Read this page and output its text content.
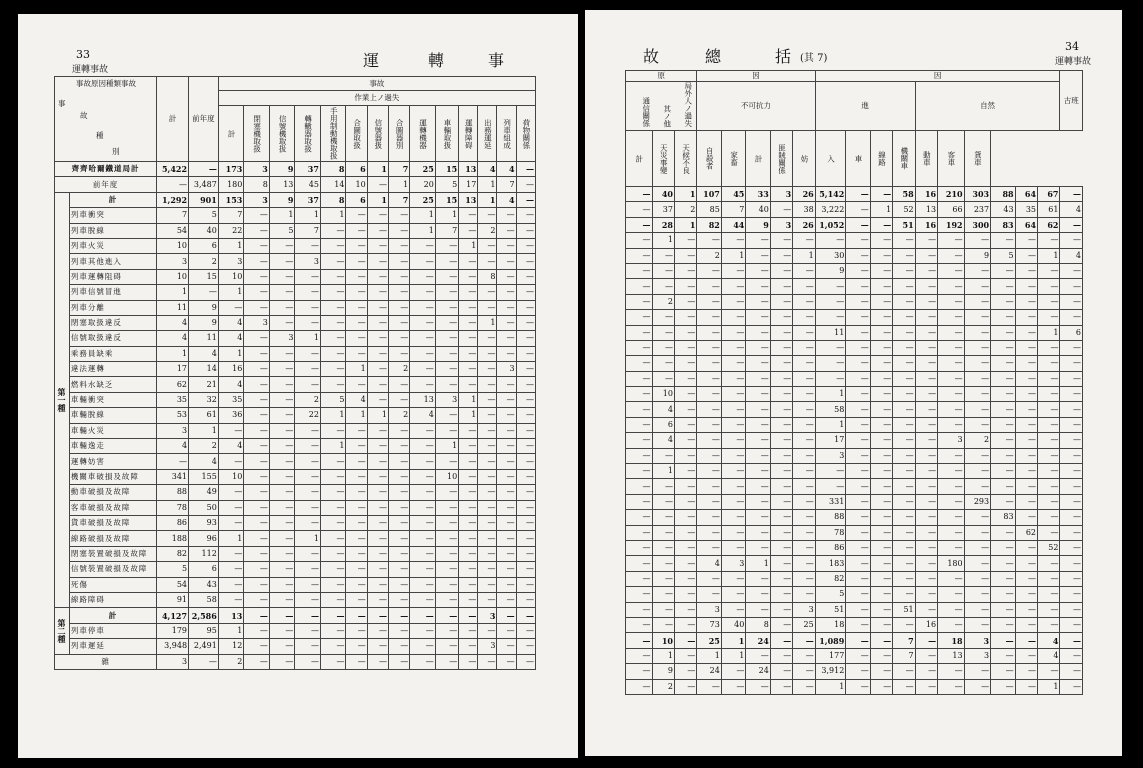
33
運轉事故	運	轉	事
事故原因種類事故
事
故
種
別		計	前年度	事故													
				作業上ノ過失													
				計	閉塞機取扱	信號機取扱	轉轍器取扱	手用制動機取扱	合圖取扱	信號器扱	合圖器別	運轉機器	車輛取扱	運轉障碍	出務運延	列車組成	荷物關係
齊齊哈爾鐵道局計		5,422	—	173	3	9	37	8	6	1	7	25	15	13	4	4	—
前年度		—	3,487	180	8	13	45	14	10	—	1	20	5	17	1	7	—
第一種	計	1,292	901	153	3	9	37	8	6	1	7	25	15	13	1	4	—
	列車衝突	7	5	7	—	1	1	1	—	—	—	1	1	—	—	—	—
	列車脫線	54	40	22	—	5	7	—	—	—	—	1	7	—	2	—	—
	列車火災	10	6	1	—	—	—	—	—	—	—	—	—	1	—	—	—
	列車其他進入	3	2	3	—	—	3	—	—	—	—	—	—	—	—	—	—
	列車運轉阻碍	10	15	10	—	—	—	—	—	—	—	—	—	—	8	—	—
	列車信號冒進	1	—	1	—	—	—	—	—	—	—	—	—	—	—	—	—
	列車分離	11	9	—	—	—	—	—	—	—	—	—	—	—	—	—	—
	閉塞取扱違反	4	9	4	3	—	—	—	—	—	—	—	—	—	1	—	—
	信號取扱違反	4	11	4	—	3	1	—	—	—	—	—	—	—	—	—	—
	乘務員缺乘	1	4	1	—	—	—	—	—	—	—	—	—	—	—	—	—
	違法運轉	17	14	16	—	—	—	—	1	—	2	—	—	—	—	3	—
	燃料水缺乏	62	21	4	—	—	—	—	—	—	—	—	—	—	—	—	—
	車輛衝突	35	32	35	—	—	2	5	4	—	—	13	3	1	—	—	—
	車輛脫線	53	61	36	—	—	22	1	1	1	2	4	—	1	—	—	—
	車輛火災	3	1	—	—	—	—	—	—	—	—	—	—	—	—	—	—
	車輛逸走	4	2	4	—	—	—	1	—	—	—	—	1	—	—	—	—
	運轉妨害	—	4	—	—	—	—	—	—	—	—	—	—	—	—	—	—
	機關車破損及故障	341	155	10	—	—	—	—	—	—	—	—	10	—	—	—	—
	動車破損及故障	88	49	—	—	—	—	—	—	—	—	—	—	—	—	—	—
	客車破損及故障	78	50	—	—	—	—	—	—	—	—	—	—	—	—	—	—
	貨車破損及故障	86	93	—	—	—	—	—	—	—	—	—	—	—	—	—	—
	線路破損及故障	188	96	1	—	—	1	—	—	—	—	—	—	—	—	—	—
	閉塞裝置破損及故障	82	112	—	—	—	—	—	—	—	—	—	—	—	—	—	—
	信號裝置破損及故障	5	6	—	—	—	—	—	—	—	—	—	—	—	—	—	—
	死傷	54	43	—	—	—	—	—	—	—	—	—	—	—	—	—	—
	線路障碍	91	58	—	—	—	—	—	—	—	—	—	—	—	—	—	—
第二種	計	4,127	2,586	13	—	—	—	—	—	—	—	—	—	—	3	—	—
	列車停車	179	95	1	—	—	—	—	—	—	—	—	—	—	—	—	—
	列車遲延	3,948	2,491	12	—	—	—	—	—	—	—	—	—	—	3	—	—
雜		3	—	2	—	—	—	—	—	—	—	—	—	—	—	—	—
34
運轉事故
故	總	括 (其 7)
原			因					因										古班
通信關係 其ノ他 局外人ノ過失			不可抗力					進				自然						
計	天災事變	天候不良	自殺者	家畜	計	匪賊關係	妨	入	車	線路	機關車	動車	客車	貨車				

—	40	1	107	45	33	3	26	5,142	—	—	58	16	210	303	88	64	67	—
—	37	2	85	7	40	—	38	3,222	—	1	52	13	66	237	43	35	61	4
—	28	1	82	44	9	3	26	1,052	—	—	51	16	192	300	83	64	62	—
—	1	—	—	—	—	—	—	—	—	—	—	—	—	—	—	—	—	—
—	—	—	2	1	—	—	1	30	—	—	—	—	—	9	5	—	1	4
—	—	—	—	—	—	—	—	9	—	—	—	—	—	—	—	—	—	—
—	—	—	—	—	—	—	—	—	—	—	—	—	—	—	—	—	—	—
—	2	—	—	—	—	—	—	—	—	—	—	—	—	—	—	—	—	—
—	—	—	—	—	—	—	—	—	—	—	—	—	—	—	—	—	—	—
—	—	—	—	—	—	—	—	11	—	—	—	—	—	—	—	—	1	6
—	—	—	—	—	—	—	—	—	—	—	—	—	—	—	—	—	—	—
—	—	—	—	—	—	—	—	—	—	—	—	—	—	—	—	—	—	—
—	—	—	—	—	—	—	—	—	—	—	—	—	—	—	—	—	—	—
—	10	—	—	—	—	—	—	1	—	—	—	—	—	—	—	—	—	—
—	4	—	—	—	—	—	—	58	—	—	—	—	—	—	—	—	—	—
—	6	—	—	—	—	—	—	1	—	—	—	—	—	—	—	—	—	—
—	4	—	—	—	—	—	—	17	—	—	—	—	3	2	—	—	—	—
—	—	—	—	—	—	—	—	3	—	—	—	—	—	—	—	—	—	—
—	1	—	—	—	—	—	—	—	—	—	—	—	—	—	—	—	—	—
—	—	—	—	—	—	—	—	—	—	—	—	—	—	—	—	—	—	—
—	—	—	—	—	—	—	—	331	—	—	—	—	—	293	—	—	—	—
—	—	—	—	—	—	—	—	88	—	—	—	—	—	—	83	—	—	—
—	—	—	—	—	—	—	—	78	—	—	—	—	—	—	—	62	—	—
—	—	—	—	—	—	—	—	86	—	—	—	—	—	—	—	—	52	—
—	—	—	4	3	1	—	—	183	—	—	—	—	180	—	—	—	—	—
—	—	—	—	—	—	—	—	82	—	—	—	—	—	—	—	—	—	—
—	—	—	—	—	—	—	—	5	—	—	—	—	—	—	—	—	—	—
—	—	—	3	—	—	—	3	51	—	—	51	—	—	—	—	—	—	—
—	—	—	73	40	8	—	25	18	—	—	—	16	—	—	—	—	—	—
—	10	—	25	1	24	—	—	1,089	—	—	7	—	18	3	—	—	4	—
—	1	—	1	1	—	—	—	177	—	—	7	—	13	3	—	—	4	—
—	9	—	24	—	24	—	—	3,912	—	—	—	—	—	—	—	—	—	—
—	2	—	—	—	—	—	—	1	—	—	—	—	—	—	—	—	1	—
